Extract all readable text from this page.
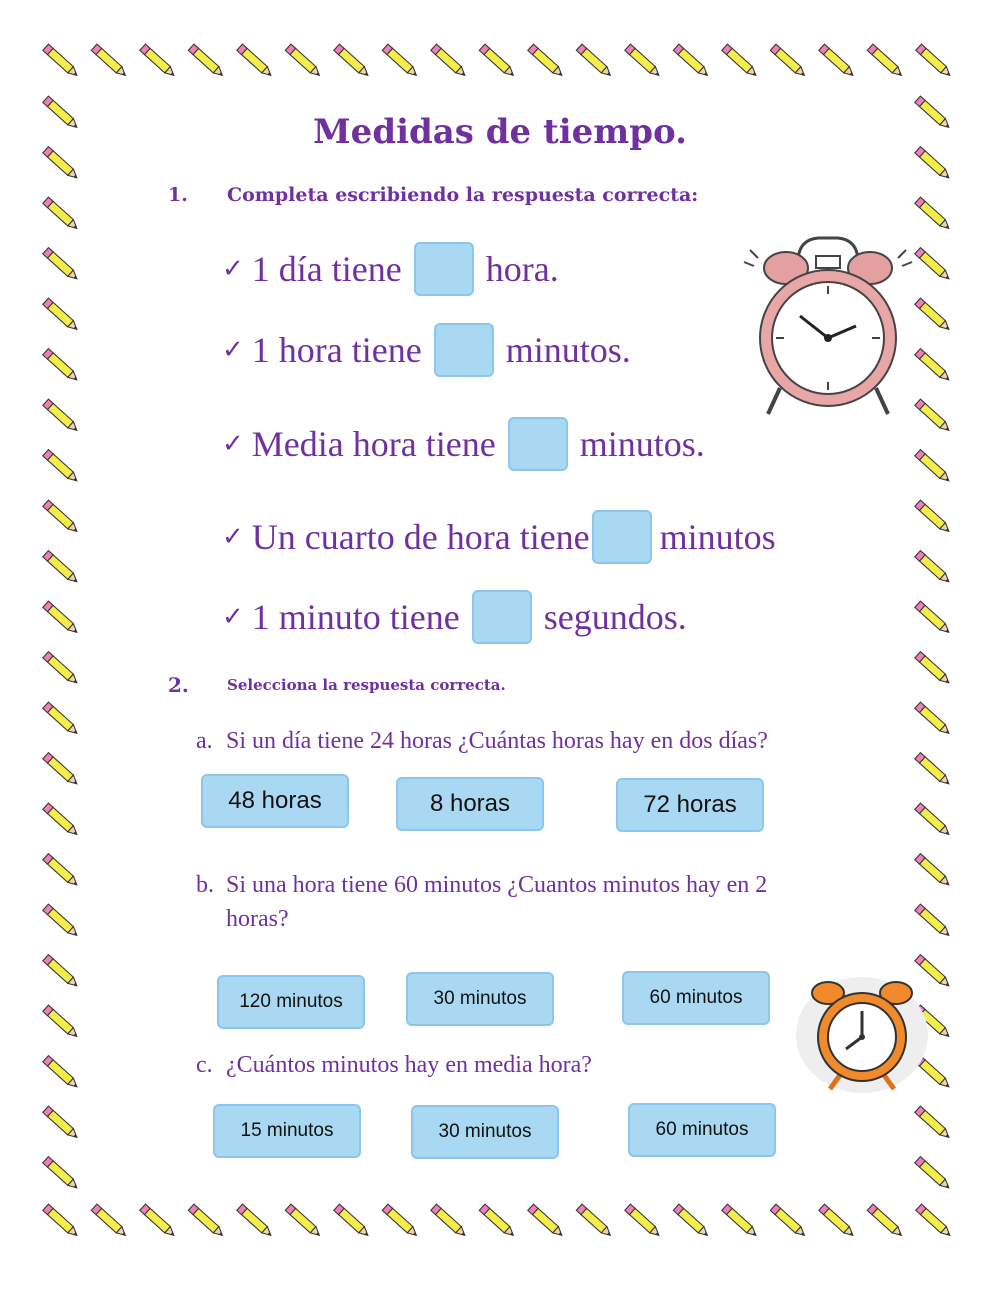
Medidas de tiempo.
1. Completa escribiendo la respuesta correcta:
✓ 1 día tiene hora.
✓ 1 hora tiene minutos.
✓ Media hora tiene minutos.
✓ Un cuarto de hora tiene minutos
✓ 1 minuto tiene segundos.
2.	Selecciona la respuesta correcta.
a. Si un día tiene 24 horas ¿Cuántas horas hay en dos días?
48 horas	8 horas	72 horas
b. Si una hora tiene 60 minutos ¿Cuantos minutos hay en 2
horas?
120 minutos	30 minutos	60 minutos
c. ¿Cuántos minutos hay en media hora?
15 minutos	30 minutos	60 minutos
